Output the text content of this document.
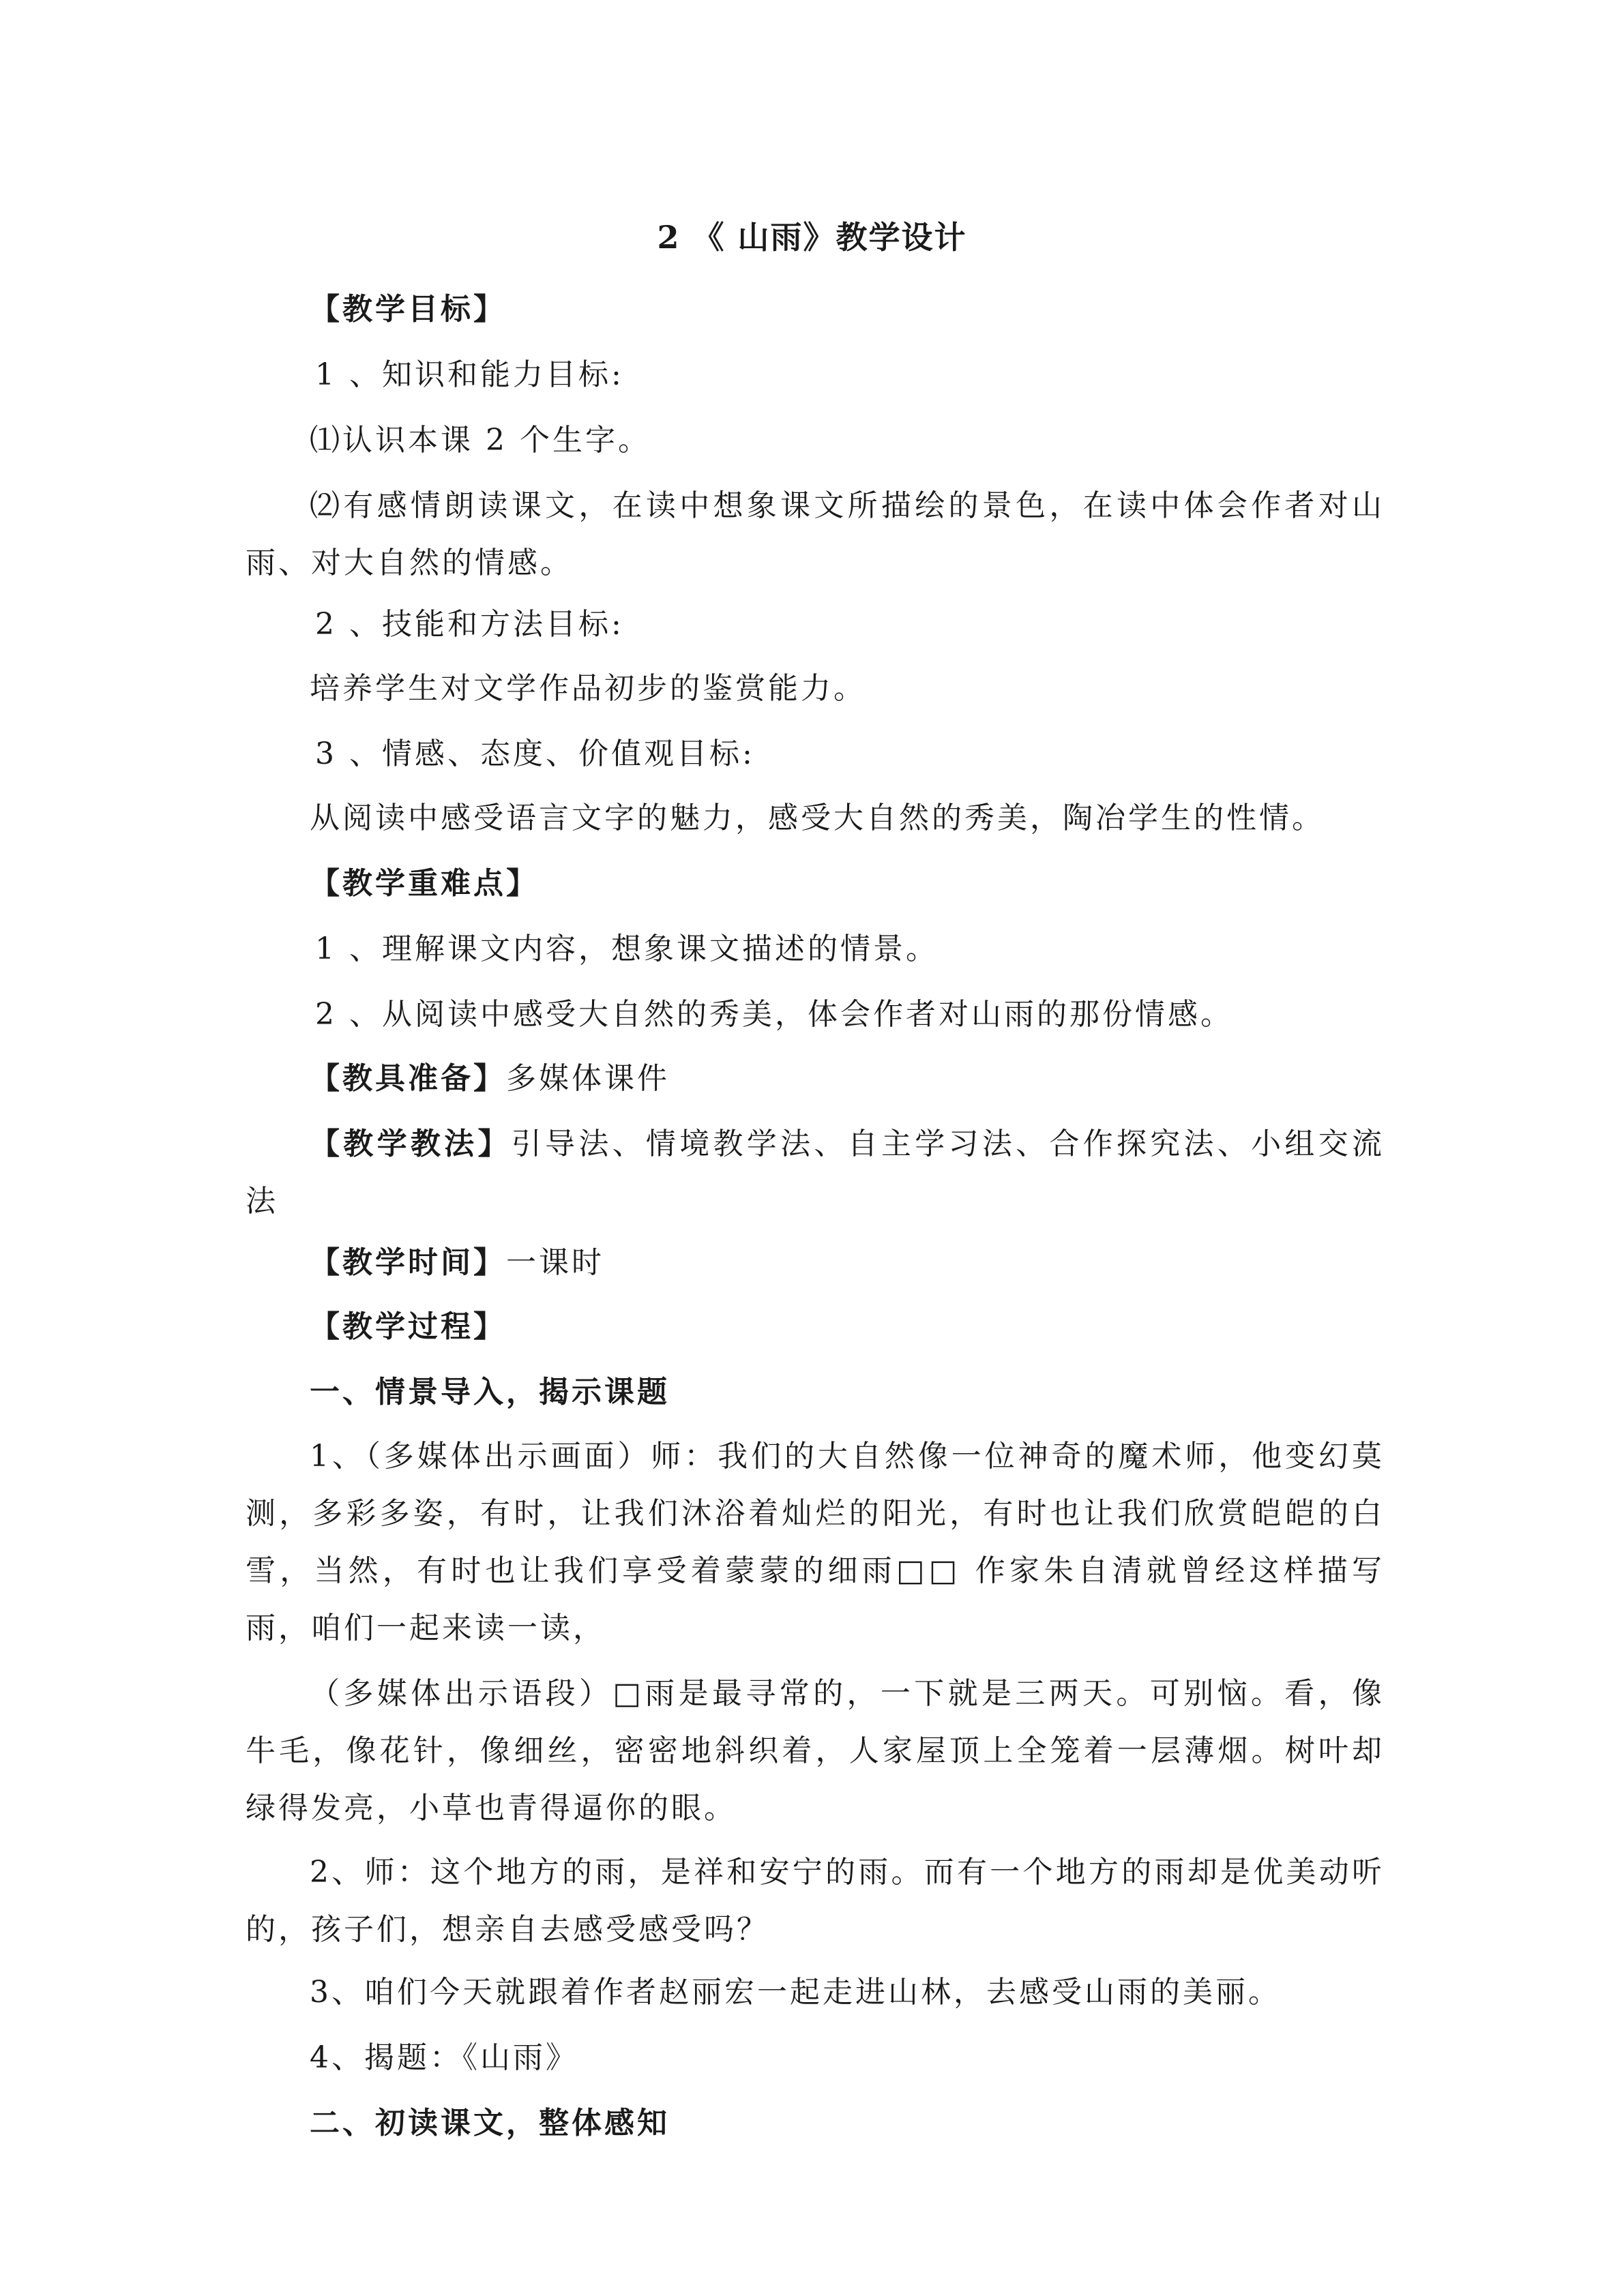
2 《 山雨》教学设计
【教学目标】
1 、知识和能力目标:
⑴认识本课 2 个生字。
⑵有感情朗读课文，在读中想象课文所描绘的景色，在读中体会作者对山雨、对大自然的情感。
2 、技能和方法目标:
培养学生对文学作品初步的鉴赏能力。
3 、情感、态度、价值观目标:
从阅读中感受语言文字的魅力，感受大自然的秀美，陶冶学生的性情。
【教学重难点】
1 、理解课文内容，想象课文描述的情景。
2 、从阅读中感受大自然的秀美，体会作者对山雨的那份情感。
【教具准备】多媒体课件
【教学教法】引导法、情境教学法、自主学习法、合作探究法、小组交流法
【教学时间】一课时
【教学过程】
一、情景导入，揭示课题
1、（多媒体出示画面）师：我们的大自然像一位神奇的魔术师，他变幻莫测，多彩多姿，有时，让我们沐浴着灿烂的阳光，有时也让我们欣赏皑皑的白雪，当然，有时也让我们享受着蒙蒙的细雨□□ 作家朱自清就曾经这样描写雨，咱们一起来读一读，
（多媒体出示语段）□雨是最寻常的，一下就是三两天。可别恼。看，像牛毛，像花针，像细丝，密密地斜织着，人家屋顶上全笼着一层薄烟。树叶却绿得发亮，小草也青得逼你的眼。
2、师：这个地方的雨，是祥和安宁的雨。而有一个地方的雨却是优美动听的，孩子们，想亲自去感受感受吗？
3、咱们今天就跟着作者赵丽宏一起走进山林，去感受山雨的美丽。
4、揭题：《山雨》
二、初读课文，整体感知
